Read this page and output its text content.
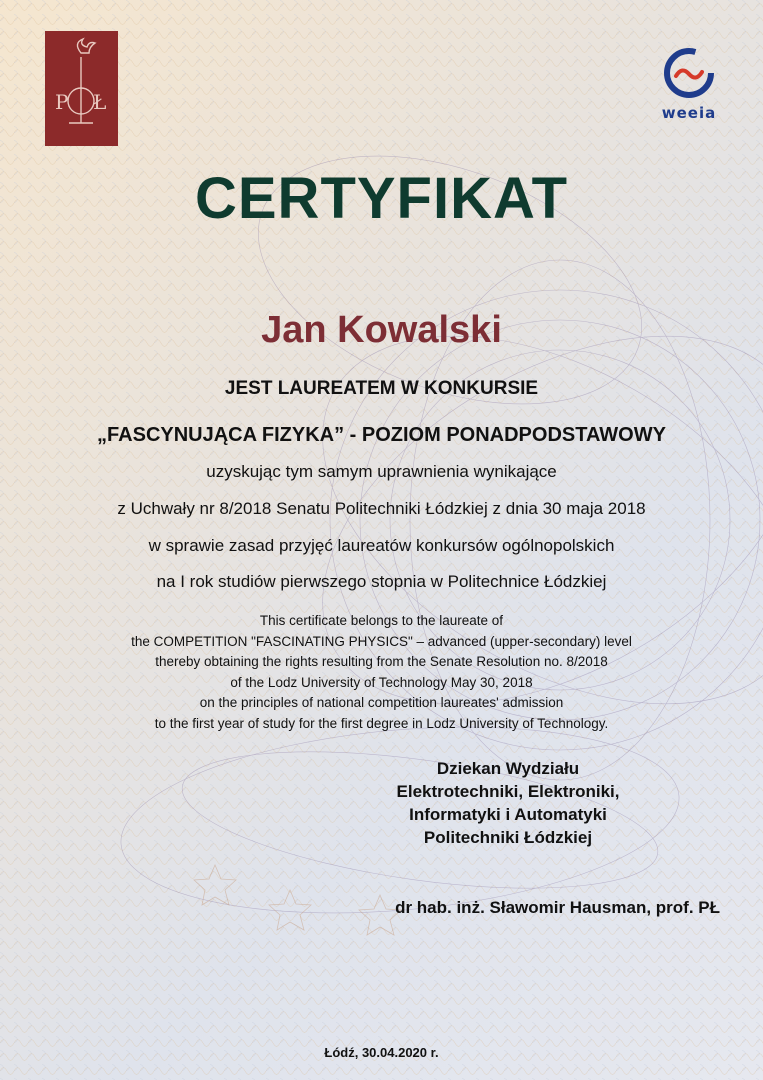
P Ł	weeia
CERTYFIKAT
Jan Kowalski
JEST LAUREATEM W KONKURSIE
„FASCYNUJĄCA FIZYKA” - POZIOM PONADPODSTAWOWY
uzyskując tym samym uprawnienia wynikające
z Uchwały nr 8/2018 Senatu Politechniki Łódzkiej z dnia 30 maja 2018
w sprawie zasad przyjęć laureatów konkursów ogólnopolskich
na I rok studiów pierwszego stopnia w Politechnice Łódzkiej
This certificate belongs to the laureate of
the COMPETITION "FASCINATING PHYSICS" – advanced (upper-secondary) level
thereby obtaining the rights resulting from the Senate Resolution no. 8/2018
of the Lodz University of Technology May 30, 2018
on the principles of national competition laureates' admission
to the first year of study for the first degree in Lodz University of Technology.
Dziekan Wydziału
Elektrotechniki, Elektroniki,
Informatyki i Automatyki
Politechniki Łódzkiej
dr hab. inż. Sławomir Hausman, prof. PŁ
Łódź, 30.04.2020 r.
